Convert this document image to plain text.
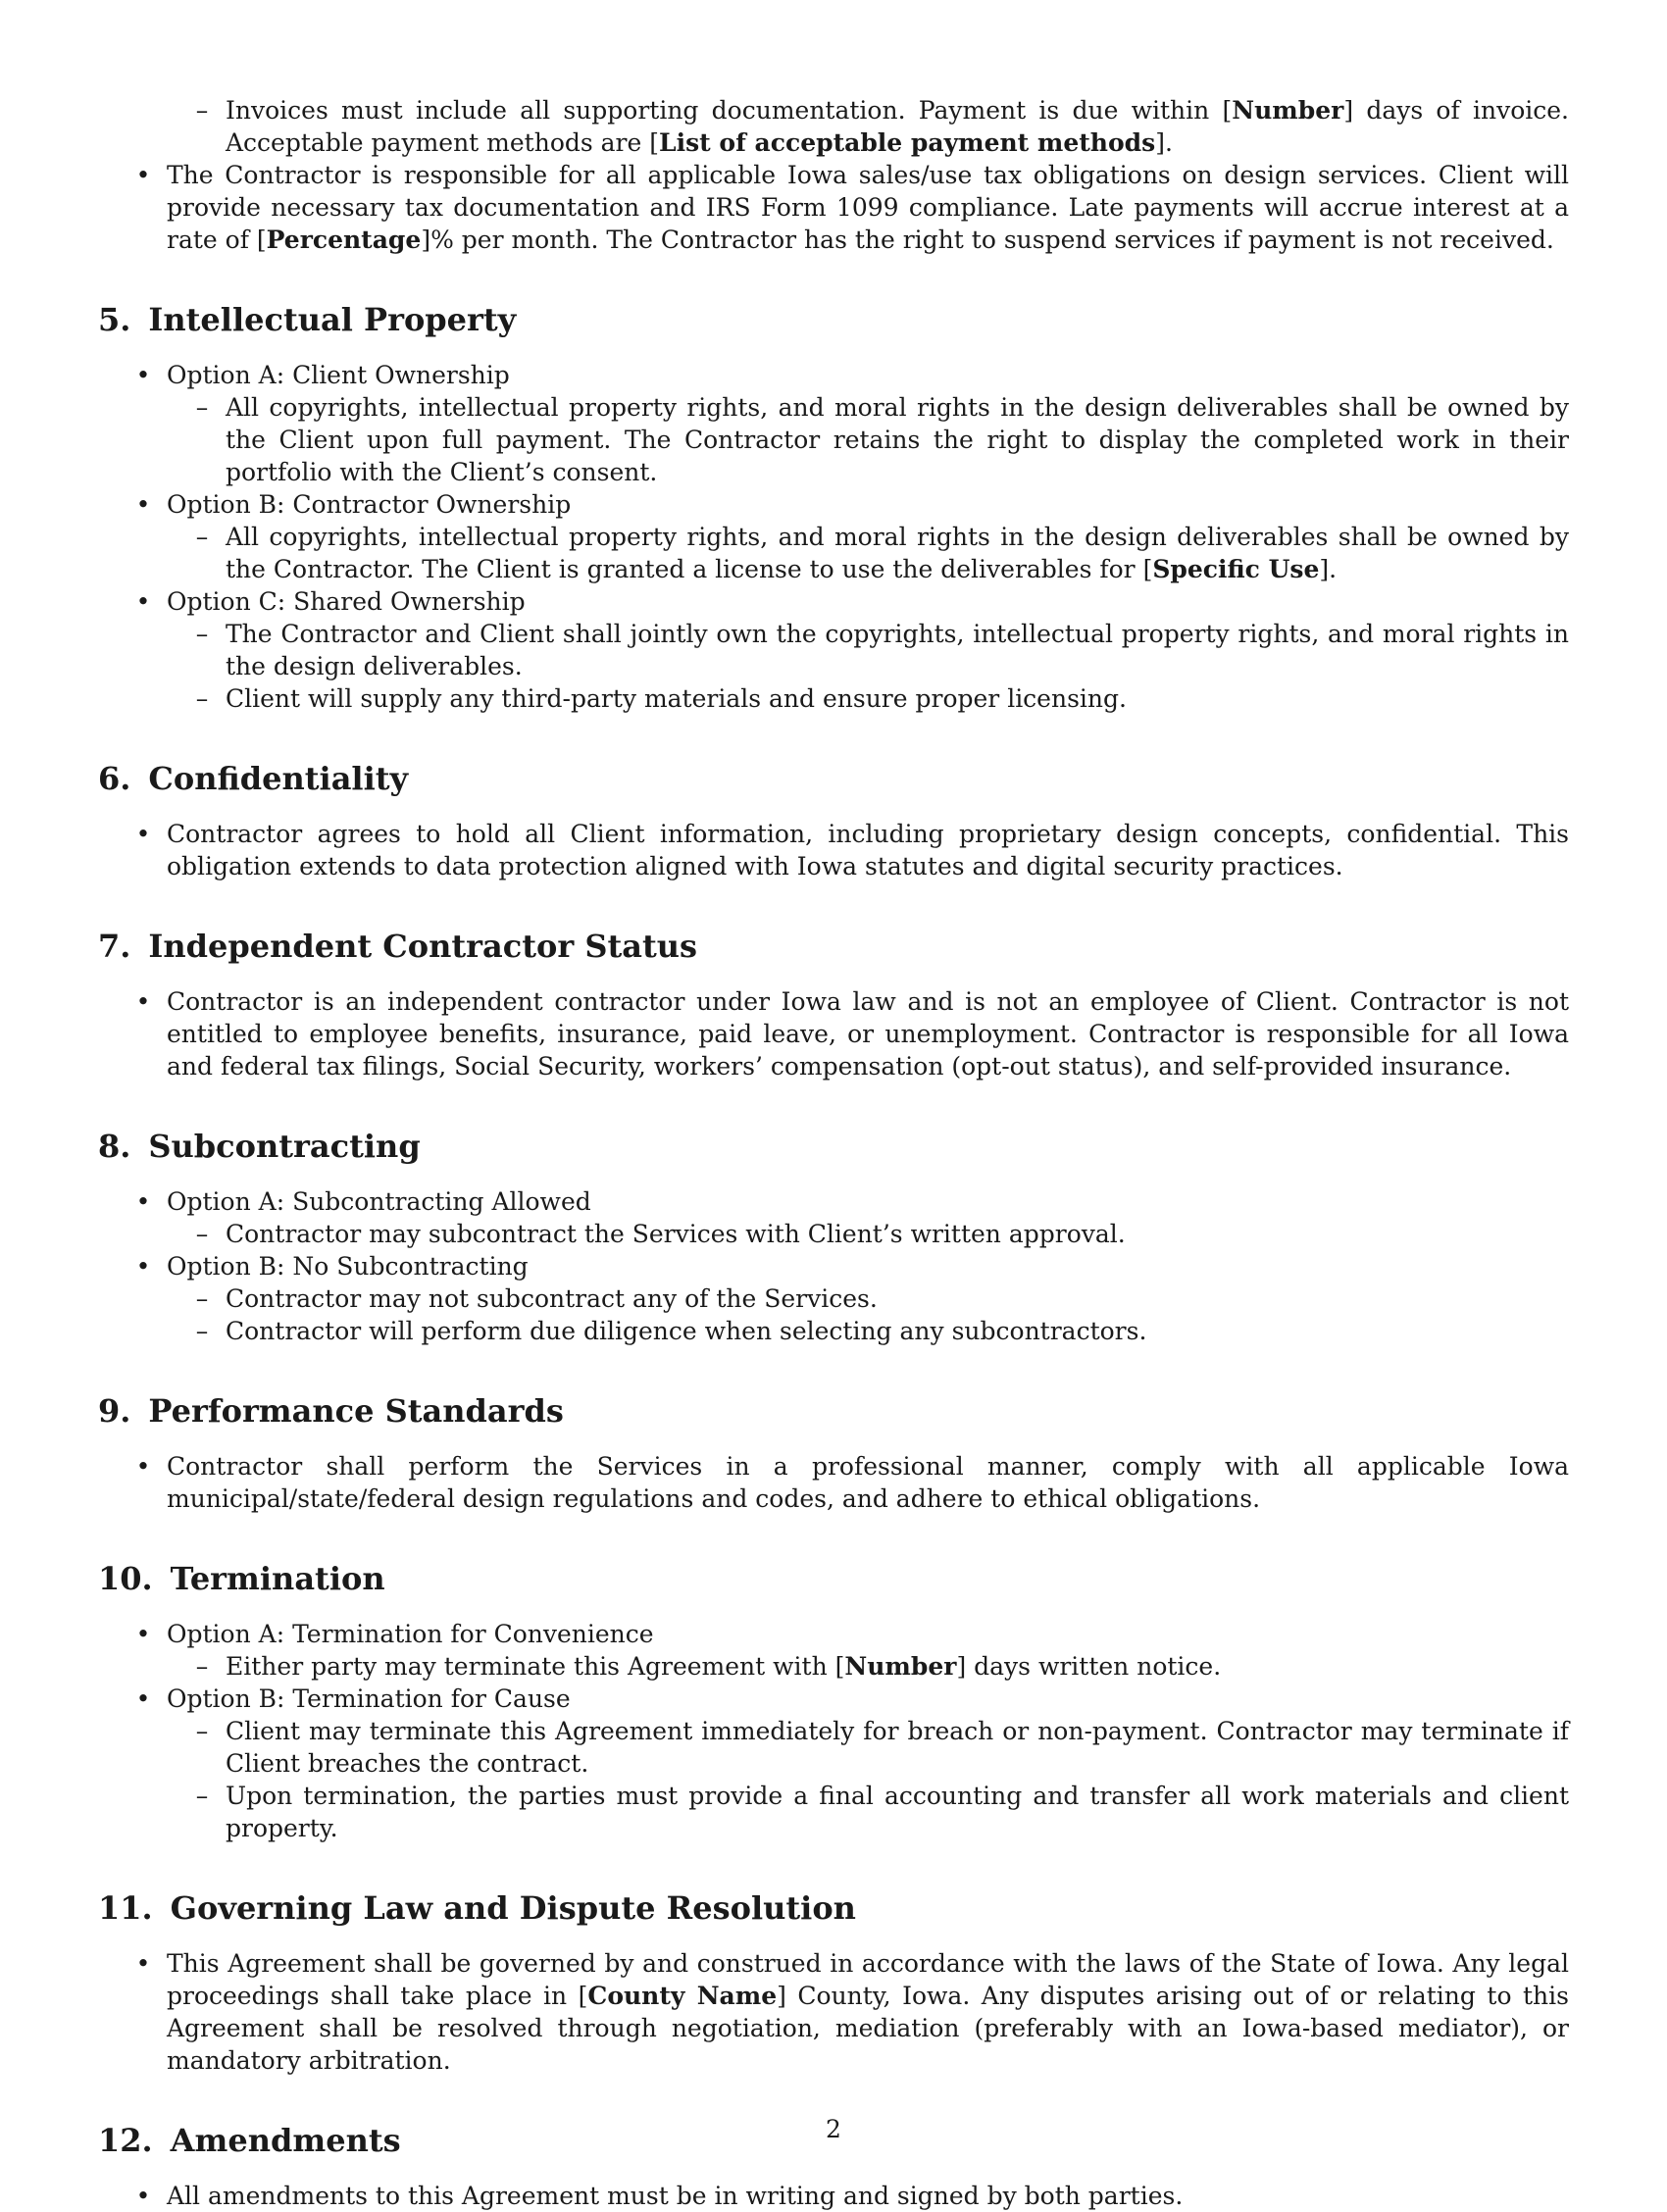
– Invoices must include all supporting documentation. Payment is due within [Number] days of invoice. Acceptable payment methods are [List of acceptable payment methods].

• The Contractor is responsible for all applicable Iowa sales/use tax obligations on design services. Client will provide necessary tax documentation and IRS Form 1099 compliance. Late payments will accrue interest at a rate of [Percentage]% per month. The Contractor has the right to suspend services if payment is not received.

5. Intellectual Property
• Option A: Client Ownership

– All copyrights, intellectual property rights, and moral rights in the design deliverables shall be owned by the Client upon full payment. The Contractor retains the right to display the completed work in their portfolio with the Client’s consent.

• Option B: Contractor Ownership

– All copyrights, intellectual property rights, and moral rights in the design deliverables shall be owned by the Contractor. The Client is granted a license to use the deliverables for [Specific Use].

• Option C: Shared Ownership

– The Contractor and Client shall jointly own the copyrights, intellectual property rights, and moral rights in the design deliverables.

– Client will supply any third-party materials and ensure proper licensing.

6. Confidentiality
• Contractor agrees to hold all Client information, including proprietary design concepts, confidential. This obligation extends to data protection aligned with Iowa statutes and digital security practices.

7. Independent Contractor Status
• Contractor is an independent contractor under Iowa law and is not an employee of Client. Contractor is not entitled to employee benefits, insurance, paid leave, or unemployment. Contractor is responsible for all Iowa and federal tax filings, Social Security, workers’ compensation (opt-out status), and self-provided insurance.

8. Subcontracting
• Option A: Subcontracting Allowed

– Contractor may subcontract the Services with Client’s written approval.

• Option B: No Subcontracting

– Contractor may not subcontract any of the Services.

– Contractor will perform due diligence when selecting any subcontractors.

9. Performance Standards
• Contractor shall perform the Services in a professional manner, comply with all applicable Iowa municipal/state/federal design regulations and codes, and adhere to ethical obligations.

10. Termination
• Option A: Termination for Convenience

– Either party may terminate this Agreement with [Number] days written notice.

• Option B: Termination for Cause

– Client may terminate this Agreement immediately for breach or non-payment. Contractor may terminate if Client breaches the contract.

– Upon termination, the parties must provide a final accounting and transfer all work materials and client property.

11. Governing Law and Dispute Resolution
• This Agreement shall be governed by and construed in accordance with the laws of the State of Iowa. Any legal proceedings shall take place in [County Name] County, Iowa. Any disputes arising out of or relating to this Agreement shall be resolved through negotiation, mediation (preferably with an Iowa-based mediator), or mandatory arbitration.

12. Amendments
• All amendments to this Agreement must be in writing and signed by both parties.

2
